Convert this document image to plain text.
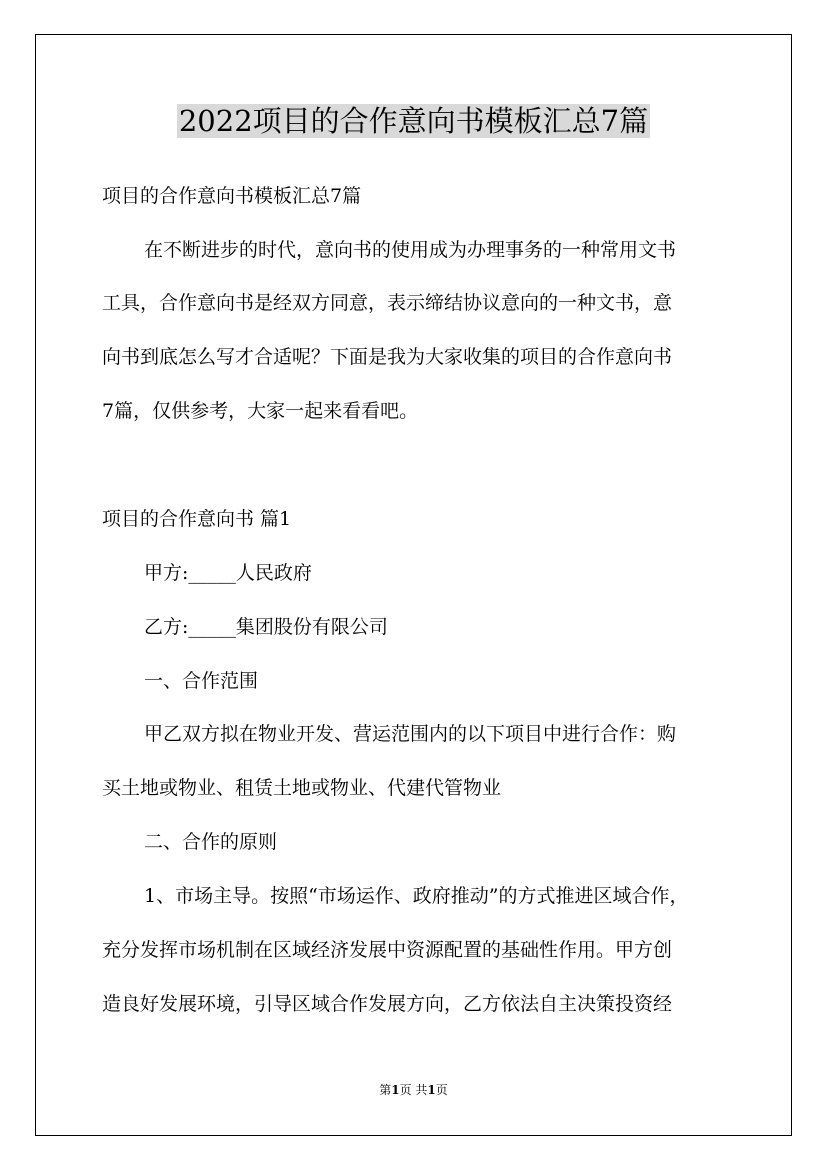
2022项目的合作意向书模板汇总7篇
项目的合作意向书模板汇总7篇
在不断进步的时代，意向书的使用成为办理事务的一种常用文书
工具，合作意向书是经双方同意，表示缔结协议意向的一种文书，意
向书到底怎么写才合适呢？下面是我为大家收集的项目的合作意向书
7篇，仅供参考，大家一起来看看吧。
项目的合作意向书 篇1
甲方:_____人民政府
乙方:_____集团股份有限公司
一、合作范围
甲乙双方拟在物业开发、营运范围内的以下项目中进行合作：购
买土地或物业、租赁土地或物业、代建代管物业
二、合作的原则
1、市场主导。按照“市场运作、政府推动”的方式推进区域合作，
充分发挥市场机制在区域经济发展中资源配置的基础性作用。甲方创
造良好发展环境，引导区域合作发展方向，乙方依法自主决策投资经
第1页 共1页
